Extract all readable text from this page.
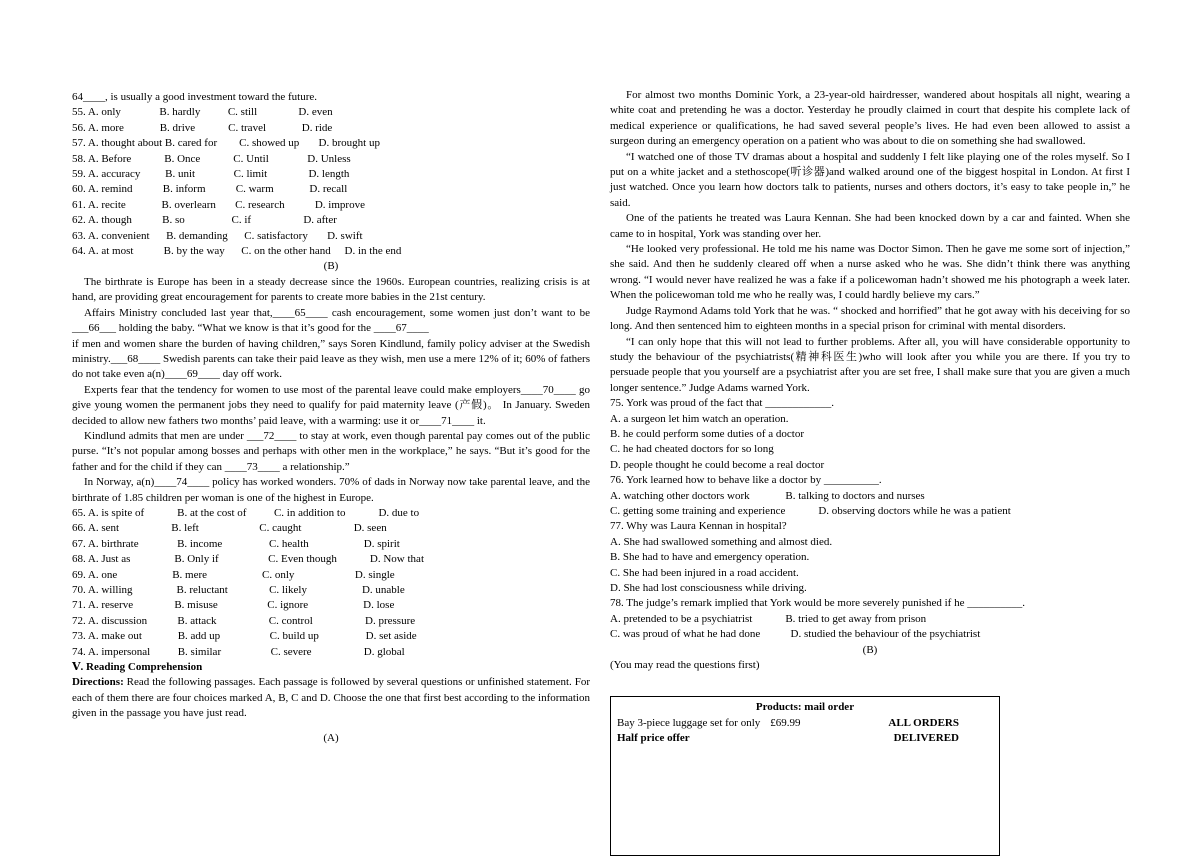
64____, is usually a good investment toward the future.
55. A. only              B. hardly          C. still               D. even
56. A. more             B. drive            C. travel             D. ride
57. A. thought about B. cared for        C. showed up       D. brought up
58. A. Before            B. Once            C. Until              D. Unless
59. A. accuracy         B. unit              C. limit               D. length
60. A. remind           B. inform           C. warm             D. recall
61. A. recite             B. overlearn       C. research           D. improve
62. A. though           B. so                 C. if                   D. after
63. A. convenient      B. demanding      C. satisfactory       D. swift
64. A. at most           B. by the way      C. on the other hand     D. in the end
(B)

The birthrate is Europe has been in a steady decrease since the 1960s. European countries, realizing crisis is at hand, are providing great encouragement for parents to create more babies in the 21st century.

Affairs Ministry concluded last year that,____65____ cash encouragement, some women just don’t want to be ___66___ holding the baby. “What we know is that it’s good for the ____67____

if men and women share the burden of having children,” says Soren Kindlund, family policy adviser at the Swedish ministry.___68____ Swedish parents can take their paid leave as they wish, men use a mere 12% of it; 60% of fathers do not take even a(n)____69____ day off work.

Experts fear that the tendency for women to use most of the parental leave could make employers____70____ go give young women the permanent jobs they need to qualify for paid maternity leave (产假)。 In January. Sweden decided to allow new fathers two months’ paid leave, with a warming: use it or____71____ it.

Kindlund admits that men are under ___72____ to stay at work, even though parental pay comes out of the public purse. “It’s not popular among bosses and perhaps with other men in the workplace,” he says. “But it’s good for the father and for the child if they can ____73____ a relationship.”

In Norway, a(n)____74____ policy has worked wonders. 70% of dads in Norway now take parental leave, and the birthrate of 1.85 children per woman is one of the highest in Europe.

65. A. is spite of            B. at the cost of          C. in addition to            D. due to
66. A. sent                   B. left                      C. caught                   D. seen
67. A. birthrate              B. income                 C. health                    D. spirit
68. A. Just as                B. Only if                  C. Even though            D. Now that
69. A. one                    B. mere                    C. only                      D. single
70. A. willing                B. reluctant               C. likely                    D. unable
71. A. reserve               B. misuse                  C. ignore                    D. lose
72. A. discussion           B. attack                   C. control                   D. pressure
73. A. make out             B. add up                  C. build up                 D. set aside
74. A. impersonal          B. similar                  C. severe                   D. global
Ⅴ. Reading Comprehension

Directions: Read the following passages. Each passage is followed by several questions or unfinished statement. For each of them there are four choices marked A, B, C and D. Choose the one that first best according to the information given in the passage you have just read.

(A)

For almost two months Dominic York, a 23-year-old hairdresser, wandered about hospitals all night, wearing a white coat and pretending he was a doctor. Yesterday he proudly claimed in court that despite his complete lack of medical experience or qualifications, he had saved several people’s lives. He had even been allowed to assist a surgeon during an emergency operation on a patient who was about to die on something she had swallowed.

“I watched one of those TV dramas about a hospital and suddenly I felt like playing one of the roles myself. So I put on a white jacket and a stethoscope(听诊器)and walked around one of the biggest hospital in London. At first I just watched. Once you learn how doctors talk to patients, nurses and others doctors, it’s easy to take people in,” he said.

One of the patients he treated was Laura Kennan. She had been knocked down by a car and fainted. When she came to in hospital, York was standing over her.

“He looked very professional. He told me his name was Doctor Simon. Then he gave me some sort of injection,” she said. And then he suddenly cleared off when a nurse asked who he was. She didn’t think there was anything wrong. “I would never have realized he was a fake if a policewoman hadn’t showed me his photograph a week later. When the policewoman told me who he really was, I could hardly believe my cars.”

Judge Raymond Adams told York that he was. “ shocked and horrified” that he got away with his deceiving for so long. And then sentenced him to eighteen months in a special prison for criminal with mental disorders.

“I can only hope that this will not lead to further problems. After all, you will have considerable opportunity to study the behaviour of the psychiatrists(精神科医生)who will look after you while you are there. If you try to persuade people that you yourself are a psychiatrist after you are set free, I shall make sure that you are given a much longer sentence.” Judge Adams warned York.

75. York was proud of the fact that ____________.
A. a surgeon let him watch an operation.
B. he could perform some duties of a doctor
C. he had cheated doctors for so long
D. people thought he could become a real doctor
76. York learned how to behave like a doctor by __________.
A. watching other doctors work             B. talking to doctors and nurses
C. getting some training and experience            D. observing doctors while he was a patient
77. Why was Laura Kennan in hospital?
A. She had swallowed something and almost died.
B. She had to have and emergency operation.
C. She had been injured in a road accident.
D. She had lost consciousness while driving.
78. The judge’s remark implied that York would be more severely punished if he __________.
A. pretended to be a psychiatrist            B. tried to get away from prison
C. was proud of what he had done           D. studied the behaviour of the psychiatrist
(B)
(You may read the questions first)
Products: mail order
Bay 3-piece luggage set for only £69.99	ALL ORDERS
Half price offer	DELIVERED
